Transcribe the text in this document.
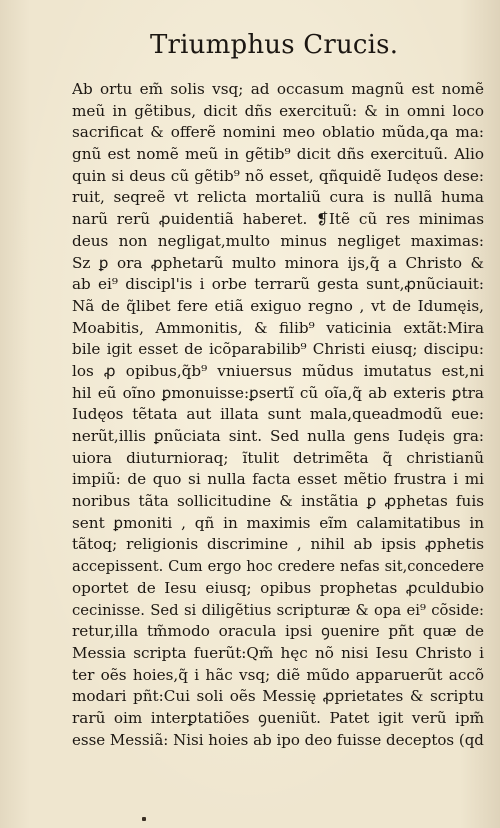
Triumphus Crucis.
Ab ortu em̃ solis vsq; ad occasum magnũ est nomẽ
meũ in gẽtibus, dicit dñs exercituũ: & in omni loco
sacrificat & offerẽ nomini meo oblatio mũda,qa ma:
gnũ est nomẽ meũ in gẽtib⁹ dicit dñs exercituũ. Alio
quin si deus cũ gẽtib⁹ nõ esset, qñquidẽ Iudęos dese:
ruit, seqreẽ vt relicta mortaliũ cura is nullã huma
narũ rerũ ꝓuidentiã haberet. ❡Itẽ cũ res minimas
deus non negligat,multo minus negliget maximas:
Sz ꝑ ora ꝓphetarũ multo minora ijs,q̃ a Christo &
ab ei⁹ discipl'is i orbe terrarũ gesta sunt,ꝓnũciauit:
Nã de q̃libet fere etiã exiguo regno , vt de Idumęis,
Moabitis, Ammonitis, & filib⁹ vaticinia extãt:Mira
bile igit esset de icõparabilib⁹ Christi eiusq; discipu:
los ꝓ opibus,q̃b⁹ vniuersus mũdus imutatus est,ni
hil eũ oĩno ꝑmonuisse:ꝑsertĩ cũ oĩa,q̃ ab exteris ꝑtra
Iudęos tẽtata aut illata sunt mala,queadmodũ eue:
nerũt,illis ꝑnũciata sint. Sed nulla gens Iudęis gra:
uiora diuturnioraq; ĩtulit detrimẽta q̃ christianũ
impiũ: de quo si nulla facta esset mẽtio frustra i mi
noribus tãta sollicitudine & instãtia ꝑ ꝓphetas fuis
sent ꝑmoniti , qñ in maximis eĩm calamitatibus in
tãtoq; religionis discrimine , nihil ab ipsis ꝓphetis
accepissent. Cum ergo hoc credere nefas sit,concedere
oportet de Iesu eiusq; opibus prophetas ꝓculdubio
cecinisse. Sed si diligẽtius scripturæ & opa ei⁹ cõside:
retur,illa tm̃modo oracula ipsi ꝯuenire pñt quæ de
Messia scripta fuerũt:Qm̃ hęc nõ nisi Iesu Christo i
ter oẽs hoies,q̃ i hãc vsq; diẽ mũdo apparuerũt accõ
modari pñt:Cui soli oẽs Messię ꝓprietates & scriptu
rarũ oim interꝑtatiões ꝯueniũt. Patet igit verũ ipm̃
esse Messiã: Nisi hoies ab ipo deo fuisse deceptos (qd
